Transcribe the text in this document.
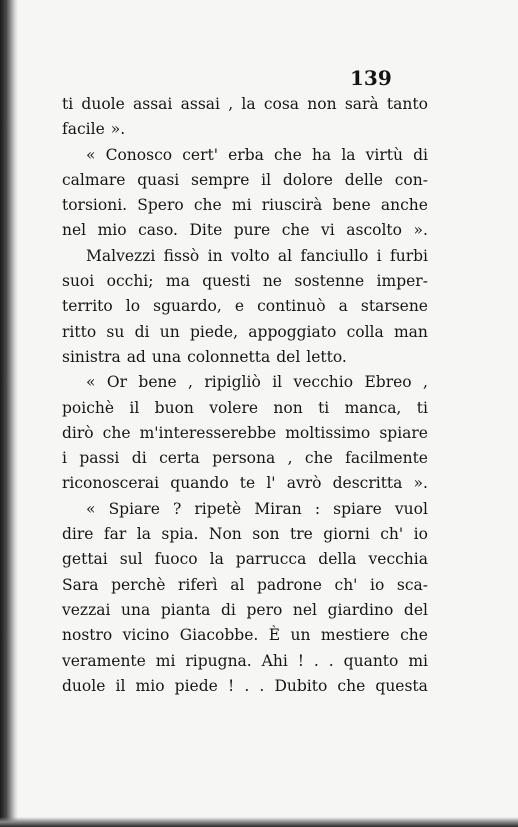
139

ti duole assai assai , la cosa non sarà tanto
facile ».
« Conosco cert' erba che ha la virtù di
calmare quasi sempre il dolore delle con-
torsioni. Spero che mi riuscirà bene anche
nel mio caso. Dite pure che vi ascolto ».
Malvezzi fissò in volto al fanciullo i furbi
suoi occhi; ma questi ne sostenne imper-
territo lo sguardo, e continuò a starsene
ritto su di un piede, appoggiato colla man
sinistra ad una colonnetta del letto.
« Or bene , ripigliò il vecchio Ebreo ,
poichè il buon volere non ti manca, ti
dirò che m'interesserebbe moltissimo spiare
i passi di certa persona , che facilmente
riconoscerai quando te l' avrò descritta ».
« Spiare ? ripetè Miran : spiare vuol
dire far la spia. Non son tre giorni ch' io
gettai sul fuoco la parrucca della vecchia
Sara perchè riferì al padrone ch' io sca-
vezzai una pianta di pero nel giardino del
nostro vicino Giacobbe. È un mestiere che
veramente mi ripugna. Ahi ! . . quanto mi
duole il mio piede ! . . Dubito che questa
